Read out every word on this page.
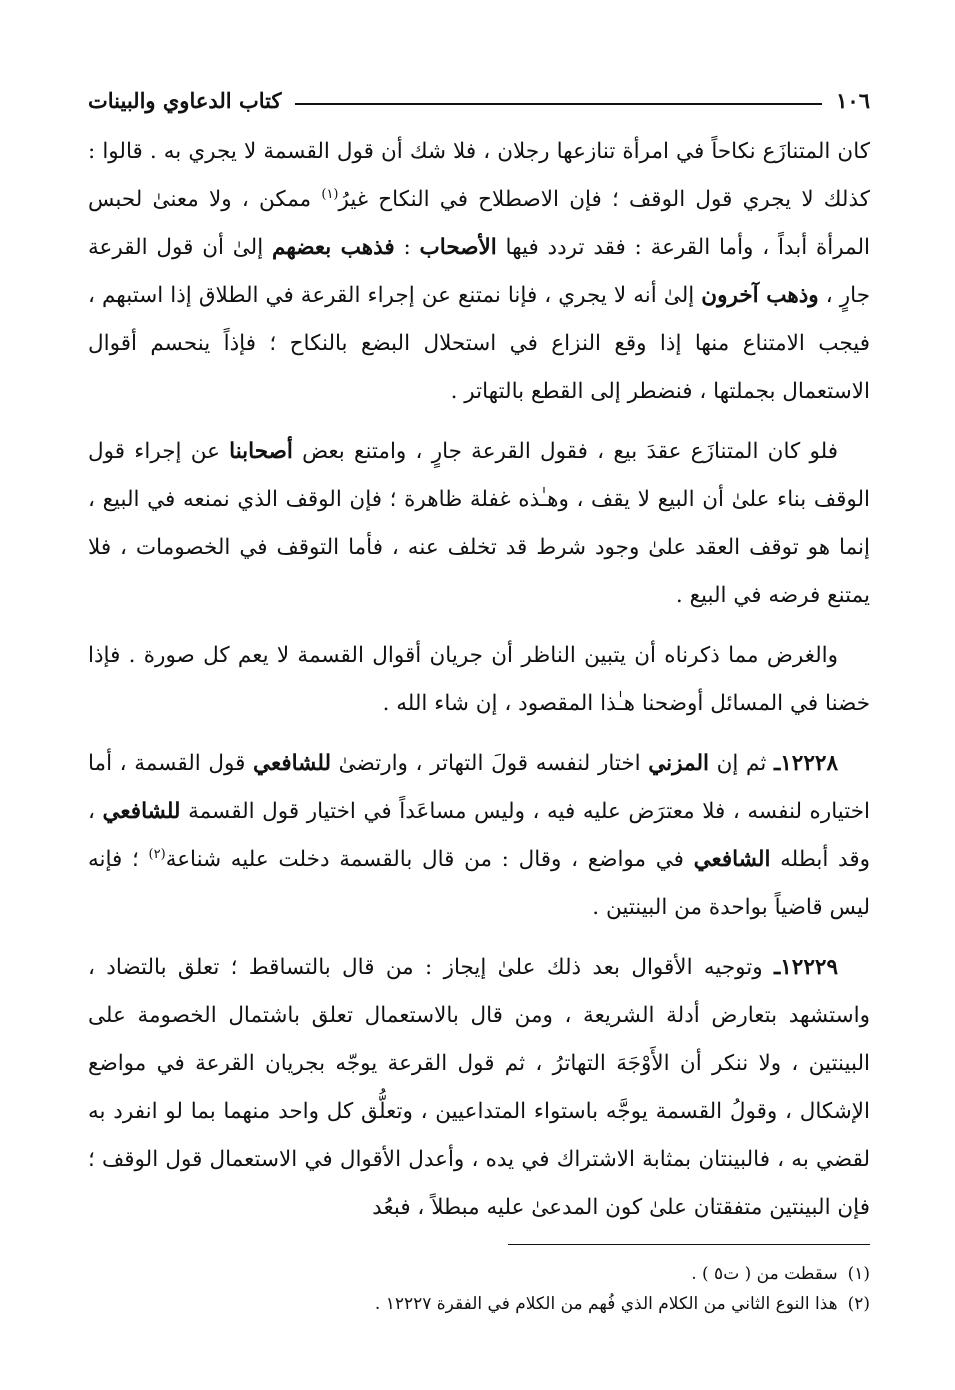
١٠٦
كتاب الدعاوي والبينات

كان المتنازَع نكاحاً في امرأة تنازعها رجلان ، فلا شك أن قول القسمة لا يجري به . قالوا : كذلك لا يجري قول الوقف ؛ فإن الاصطلاح في النكاح غيرُ$^{(١)}$ ممكن ، ولا معنىٰ لحبس المرأة أبداً ، وأما القرعة : فقد تردد فيها الأصحاب : فذهب بعضهم إلىٰ أن قول القرعة جارٍ ، وذهب آخرون إلىٰ أنه لا يجري ، فإنا نمتنع عن إجراء القرعة في الطلاق إذا استبهم ، فيجب الامتناع منها إذا وقع النزاع في استحلال البضع بالنكاح ؛ فإذاً ينحسم أقوال الاستعمال بجملتها ، فنضطر إلى القطع بالتهاتر .

فلو كان المتنازَع عقدَ بيع ، فقول القرعة جارٍ ، وامتنع بعض أصحابنا عن إجراء قول الوقف بناء علىٰ أن البيع لا يقف ، وهـٰذه غفلة ظاهرة ؛ فإن الوقف الذي نمنعه في البيع ، إنما هو توقف العقد علىٰ وجود شرط قد تخلف عنه ، فأما التوقف في الخصومات ، فلا يمتنع فرضه في البيع .

والغرض مما ذكرناه أن يتبين الناظر أن جريان أقوال القسمة لا يعم كل صورة . فإذا خضنا في المسائل أوضحنا هـٰذا المقصود ، إن شاء الله .

١٢٢٢٨ـ ثم إن المزني اختار لنفسه قولَ التهاتر ، وارتضىٰ للشافعي قول القسمة ، أما اختياره لنفسه ، فلا معترَض عليه فيه ، وليس مساعَداً في اختيار قول القسمة للشافعي ، وقد أبطله الشافعي في مواضع ، وقال : من قال بالقسمة دخلت عليه شناعة$^{(٢)}$ ؛ فإنه ليس قاضياً بواحدة من البينتين .

١٢٢٢٩ـ وتوجيه الأقوال بعد ذلك علىٰ إيجاز : من قال بالتساقط ؛ تعلق بالتضاد ، واستشهد بتعارض أدلة الشريعة ، ومن قال بالاستعمال تعلق باشتمال الخصومة على البينتين ، ولا ننكر أن الأَوْجَهَ التهاترُ ، ثم قول القرعة يوجّه بجريان القرعة في مواضع الإشكال ، وقولُ القسمة يوجَّه باستواء المتداعيين ، وتعلُّق كل واحد منهما بما لو انفرد به لقضي به ، فالبينتان بمثابة الاشتراك في يده ، وأعدل الأقوال في الاستعمال قول الوقف ؛ فإن البينتين متفقتان علىٰ كون المدعىٰ عليه مبطلاً ، فبعُد

(١)
سقطت من ( ت٥ ) .
(٢)
هذا النوع الثاني من الكلام الذي فُهم من الكلام في الفقرة ١٢٢٢٧ .
